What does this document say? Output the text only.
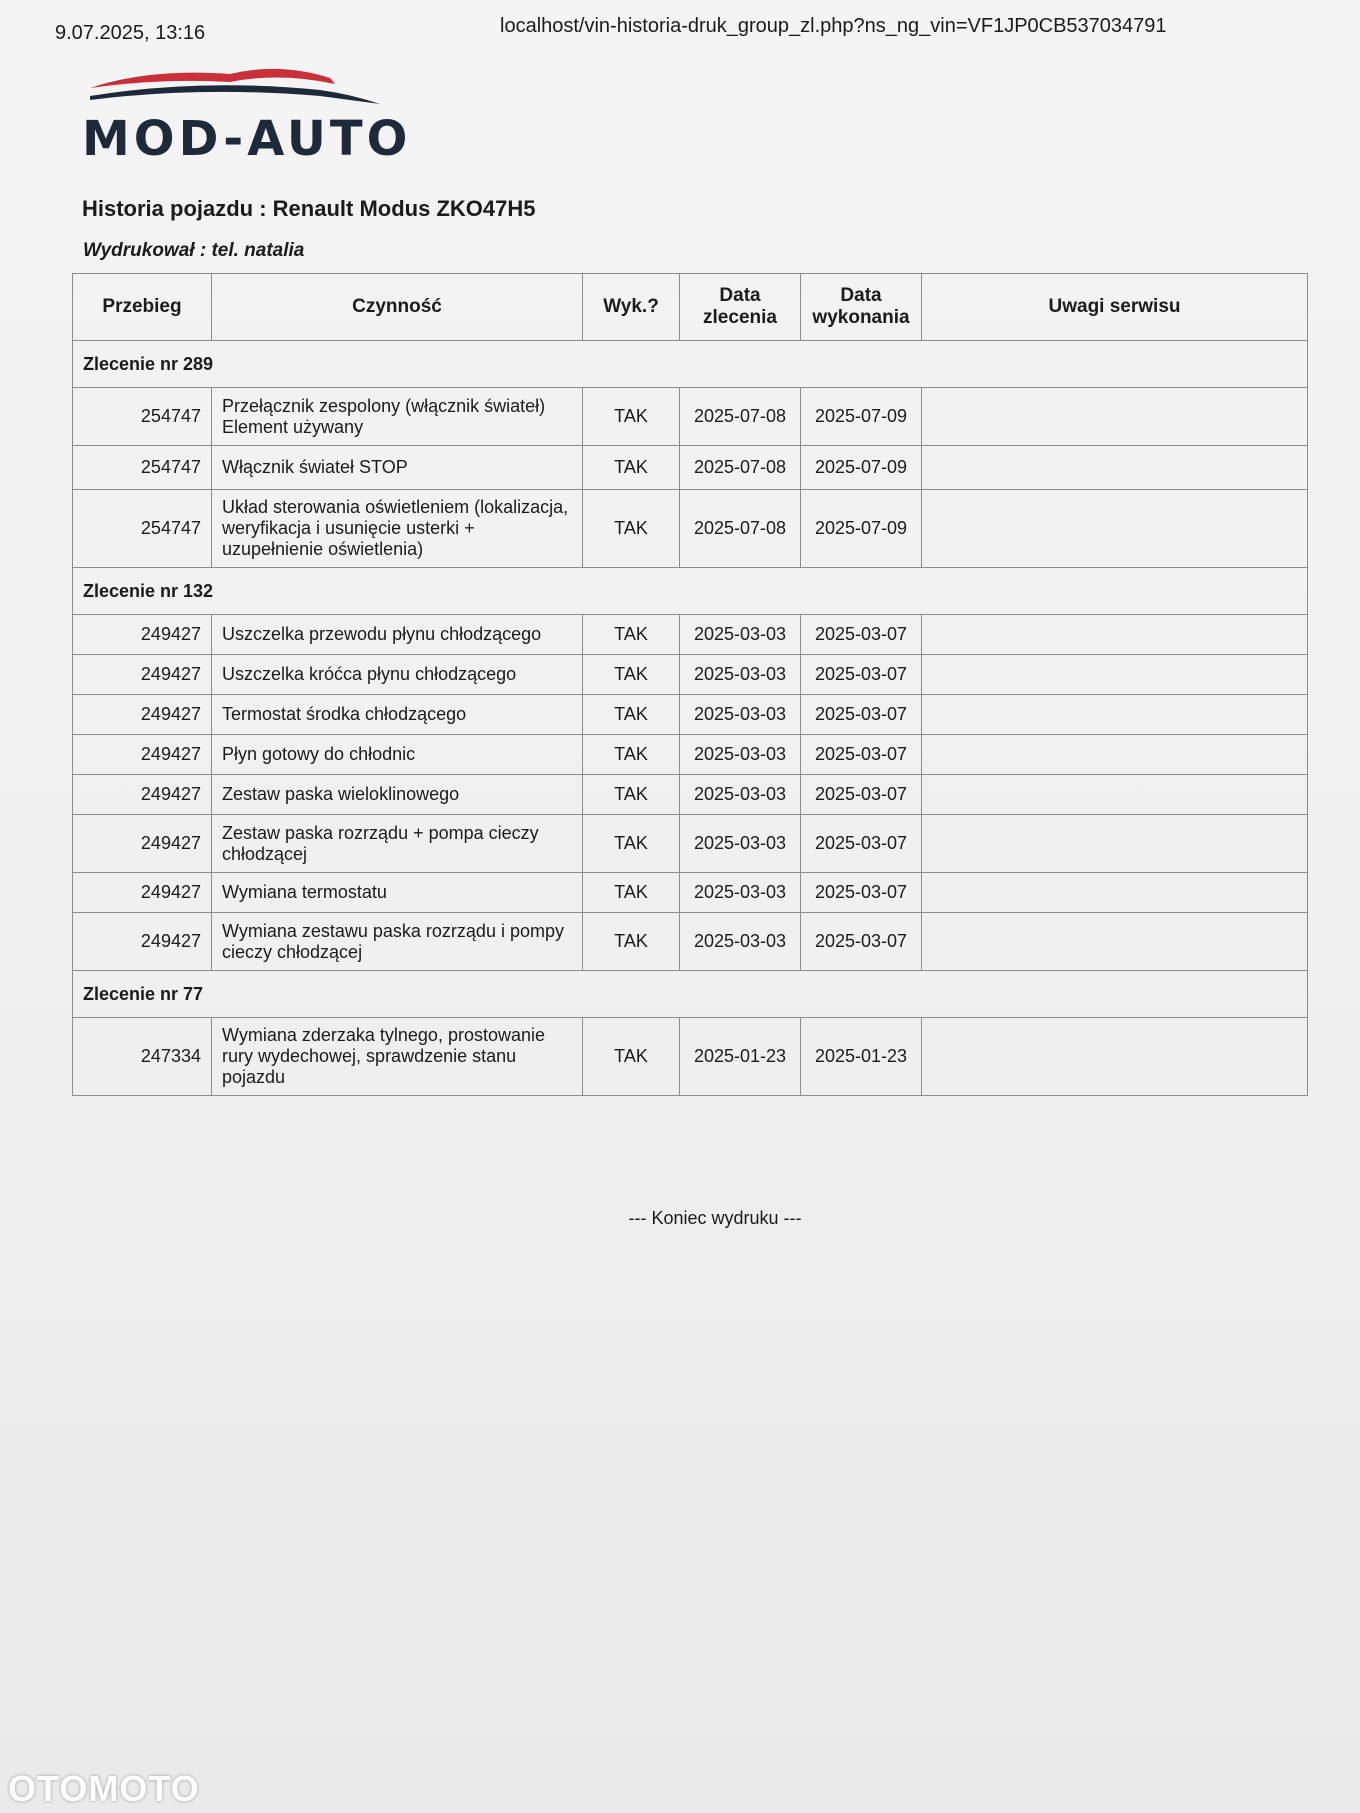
9.07.2025, 13:16	localhost/vin-historia-druk_group_zl.php?ns_ng_vin=VF1JP0CB537034791
MOD-AUTO
Historia pojazdu : Renault Modus ZKO47H5
Wydrukował : tel. natalia
Przebieg	Czynność	Wyk.?	Data zlecenia	Data wykonania	Uwagi serwisu
Zlecenie nr 289					
254747	Przełącznik zespolony (włącznik świateł) Element używany	TAK	2025-07-08	2025-07-09	
254747	Włącznik świateł STOP	TAK	2025-07-08	2025-07-09	
254747	Układ sterowania oświetleniem (lokalizacja, weryfikacja i usunięcie usterki + uzupełnienie oświetlenia)	TAK	2025-07-08	2025-07-09	
Zlecenie nr 132					
249427	Uszczelka przewodu płynu chłodzącego	TAK	2025-03-03	2025-03-07	
249427	Uszczelka króćca płynu chłodzącego	TAK	2025-03-03	2025-03-07	
249427	Termostat środka chłodzącego	TAK	2025-03-03	2025-03-07	
249427	Płyn gotowy do chłodnic	TAK	2025-03-03	2025-03-07	
249427	Zestaw paska wieloklinowego	TAK	2025-03-03	2025-03-07	
249427	Zestaw paska rozrządu + pompa cieczy chłodzącej	TAK	2025-03-03	2025-03-07	
249427	Wymiana termostatu	TAK	2025-03-03	2025-03-07	
249427	Wymiana zestawu paska rozrządu i pompy cieczy chłodzącej	TAK	2025-03-03	2025-03-07	
Zlecenie nr 77					
247334	Wymiana zderzaka tylnego, prostowanie rury wydechowej, sprawdzenie stanu pojazdu	TAK	2025-01-23	2025-01-23	
--- Koniec wydruku ---
OTOMOTO
